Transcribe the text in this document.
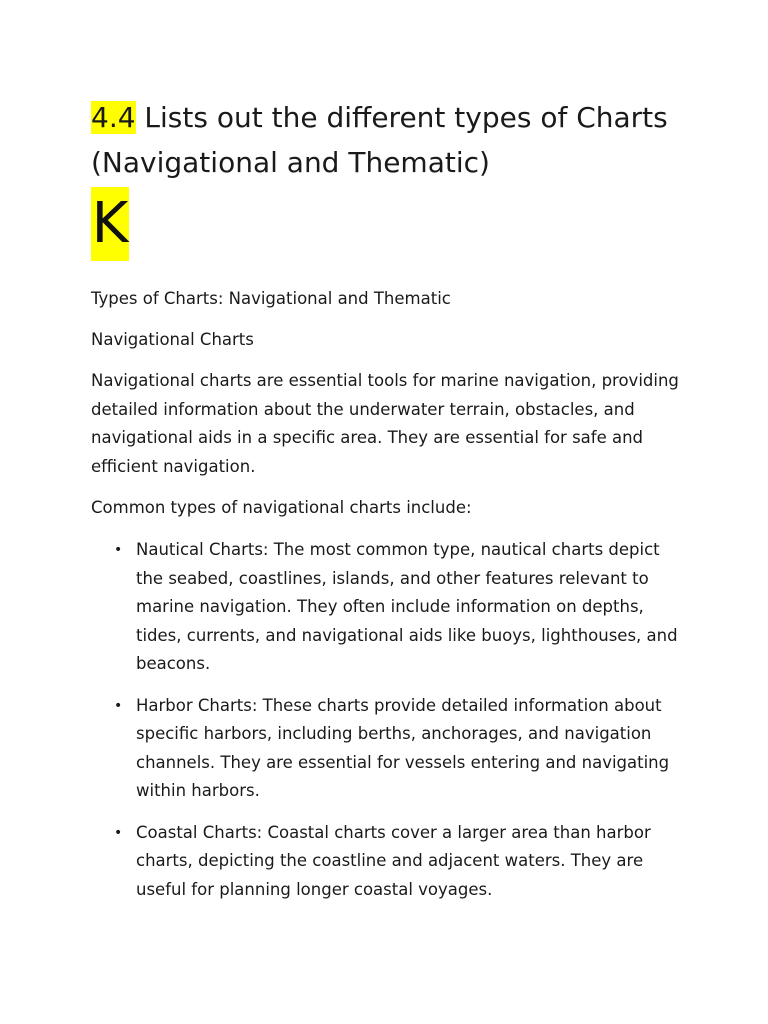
4.4 Lists out the different types of Charts (Navigational and Thematic)
K

Types of Charts: Navigational and Thematic

Navigational Charts

Navigational charts are essential tools for marine navigation, providing detailed information about the underwater terrain, obstacles, and navigational aids in a specific area. They are essential for safe and efficient navigation.

Common types of navigational charts include:

• Nautical Charts: The most common type, nautical charts depict the seabed, coastlines, islands, and other features relevant to marine navigation. They often include information on depths, tides, currents, and navigational aids like buoys, lighthouses, and beacons.
• Harbor Charts: These charts provide detailed information about specific harbors, including berths, anchorages, and navigation channels. They are essential for vessels entering and navigating within harbors.
• Coastal Charts: Coastal charts cover a larger area than harbor charts, depicting the coastline and adjacent waters. They are useful for planning longer coastal voyages.
